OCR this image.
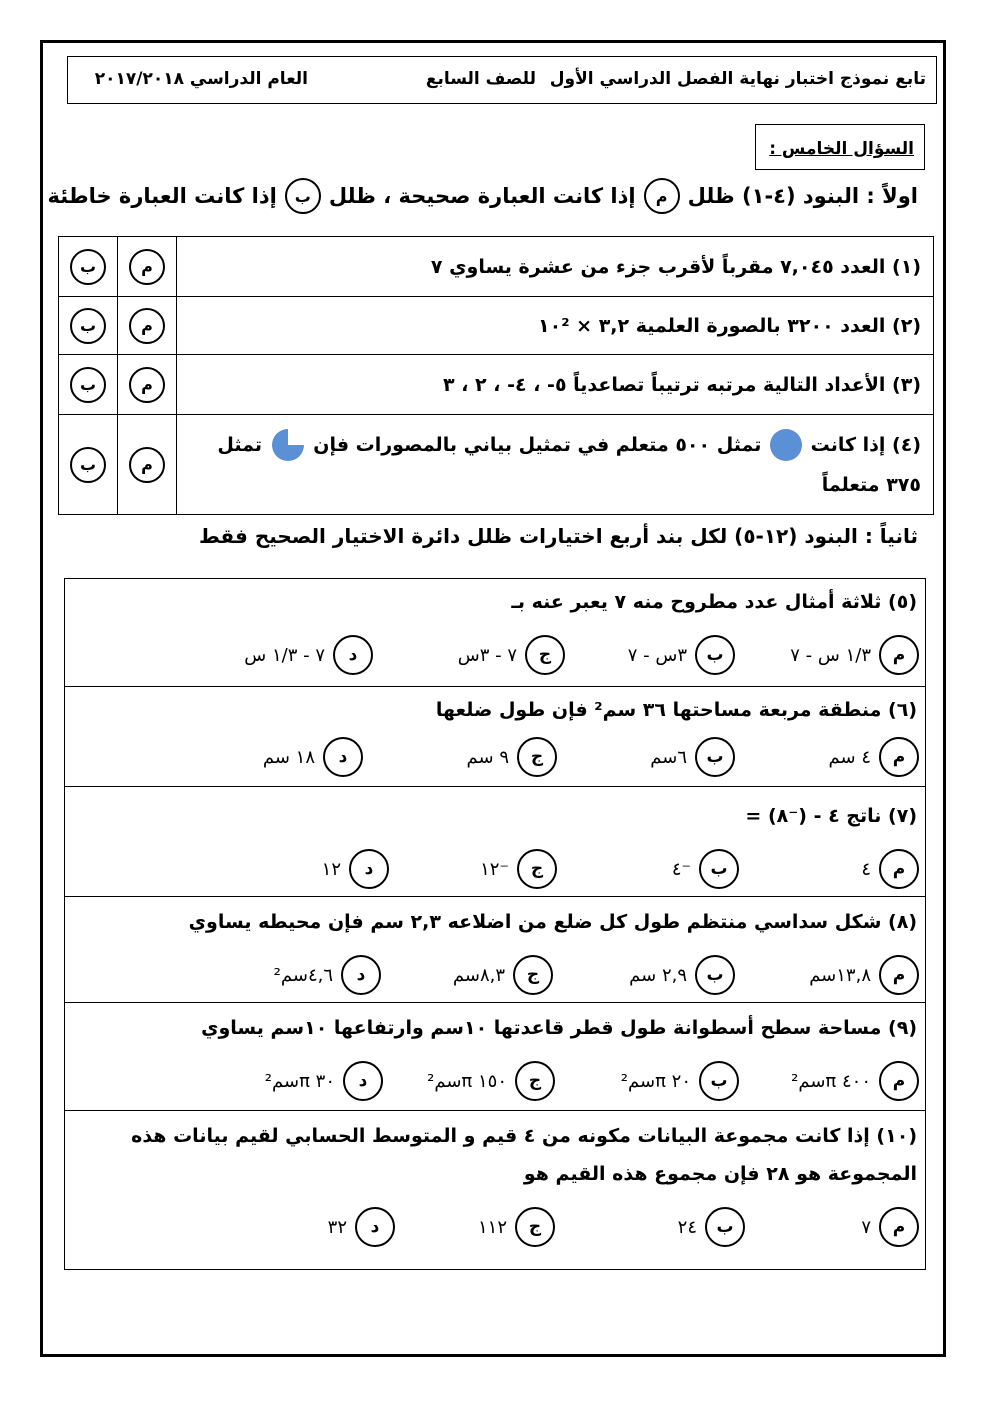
تابع نموذج اختبار نهاية الفصل الدراسي الأول
للصف السابع
العام الدراسي ٢٠١٧/٢٠١٨
السؤال الخامس :
اولاً : البنود (٤-١) ظلل
م
إذا كانت العبارة صحيحة ، ظلل
ب
إذا كانت العبارة خاطئة
(١) العدد ٧,٠٤٥ مقرباً لأقرب جزء من عشرة يساوي ٧	م	ب
(٢) العدد ٣٢٠٠ بالصورة العلمية ٣,٢ × ١٠²	م	ب
(٣) الأعداد التالية مرتبه ترتيباً تصاعدياً ٥- ، ٤- ، ٢ ، ٣	م	ب
(٤) إذا كانت  تمثل ٥٠٠ متعلم في تمثيل بياني بالمصورات فإن  تمثل
٣٧٥ متعلماً	م	ب
ثانياً : البنود (١٢-٥) لكل بند أربع اختيارات ظلل دائرة الاختيار الصحيح فقط
(٥) ثلاثة أمثال عدد مطروح منه ٧ يعبر عنه بـ
م
١/٣ س - ٧
ب
٣س - ٧
ج
٧ - ٣س
د
٧ - ١/٣ س
(٦) منطقة مربعة مساحتها ٣٦ سم² فإن طول ضلعها
م
٤ سم
ب
٦سم
ج
٩ سم
د
١٨ سم
(٧) ناتج ٤ - (⁻٨) =
م
٤
ب
⁻٤
ج
⁻١٢
د
١٢
(٨) شكل سداسي منتظم طول كل ضلع من اضلاعه ٢,٣ سم فإن محيطه يساوي
م
١٣,٨سم
ب
٢,٩ سم
ج
٨,٣سم
د
٤,٦سم²
(٩) مساحة سطح أسطوانة طول قطر قاعدتها ١٠سم وارتفاعها ١٠سم يساوي
م
٤٠٠ πسم²
ب
٢٠ πسم²
ج
١٥٠ πسم²
د
٣٠ πسم²
(١٠) إذا كانت مجموعة البيانات مكونه من ٤ قيم و المتوسط الحسابي لقيم بيانات هذه
المجموعة هو ٢٨ فإن مجموع هذه القيم هو
م
٧
ب
٢٤
ج
١١٢
د
٣٢
